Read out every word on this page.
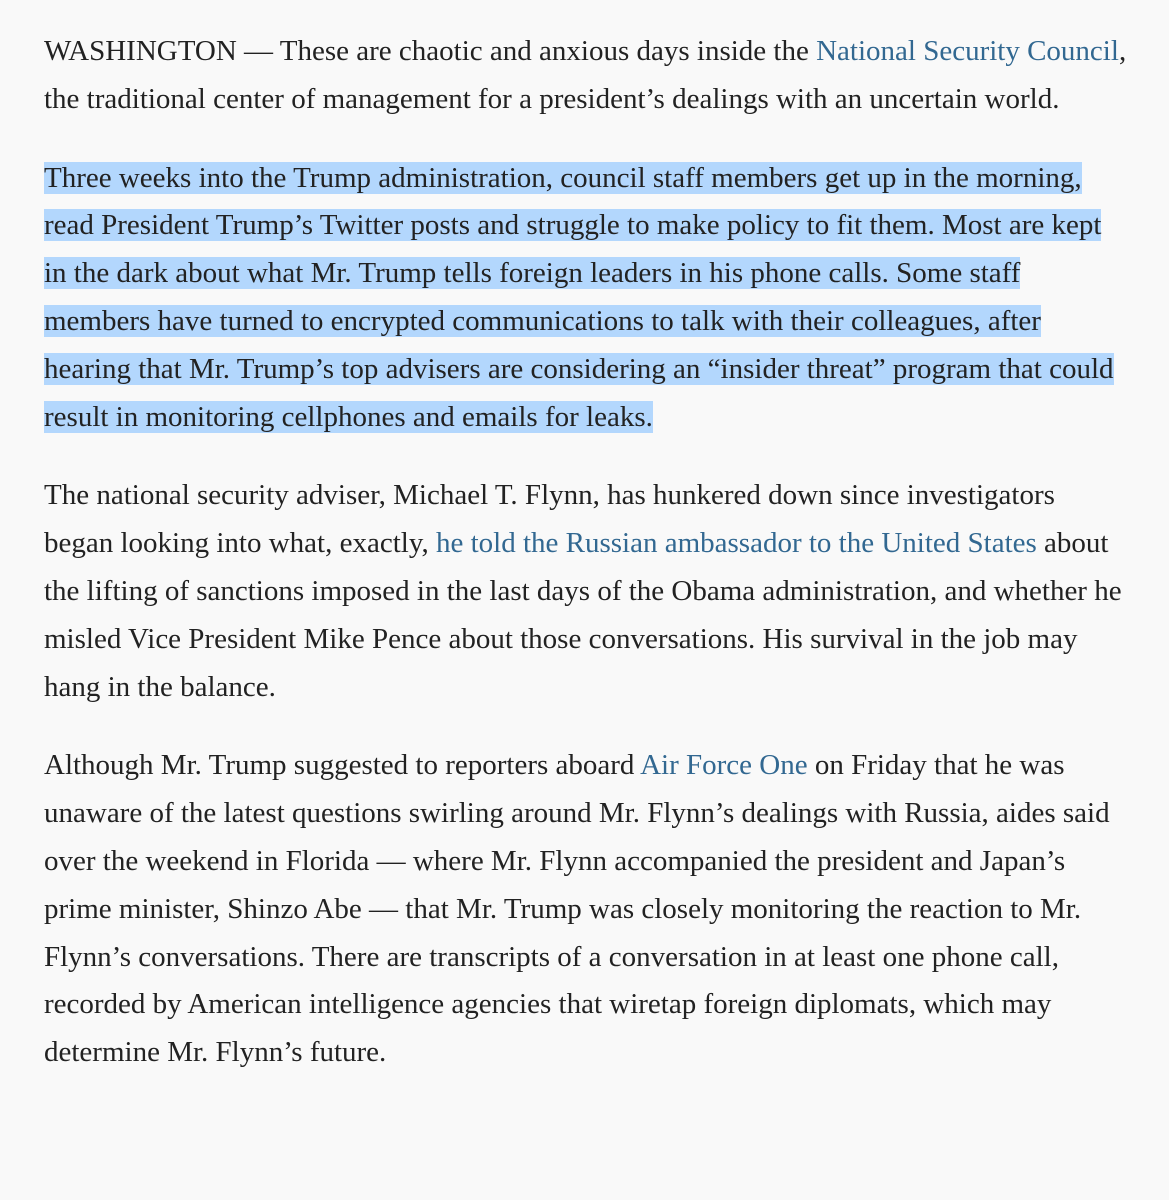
WASHINGTON — These are chaotic and anxious days inside the National Security Council, the traditional center of management for a president’s dealings with an uncertain world.

Three weeks into the Trump administration, council staff members get up in the morning, read President Trump’s Twitter posts and struggle to make policy to fit them. Most are kept in the dark about what Mr. Trump tells foreign leaders in his phone calls. Some staff members have turned to encrypted communications to talk with their colleagues, after hearing that Mr. Trump’s top advisers are considering an “insider threat” program that could result in monitoring cellphones and emails for leaks.

The national security adviser, Michael T. Flynn, has hunkered down since investigators began looking into what, exactly, he told the Russian ambassador to the United States about the lifting of sanctions imposed in the last days of the Obama administration, and whether he misled Vice President Mike Pence about those conversations. His survival in the job may hang in the balance.

Although Mr. Trump suggested to reporters aboard Air Force One on Friday that he was unaware of the latest questions swirling around Mr. Flynn’s dealings with Russia, aides said over the weekend in Florida — where Mr. Flynn accompanied the president and Japan’s prime minister, Shinzo Abe — that Mr. Trump was closely monitoring the reaction to Mr. Flynn’s conversations. There are transcripts of a conversation in at least one phone call, recorded by American intelligence agencies that wiretap foreign diplomats, which may determine Mr. Flynn’s future.
